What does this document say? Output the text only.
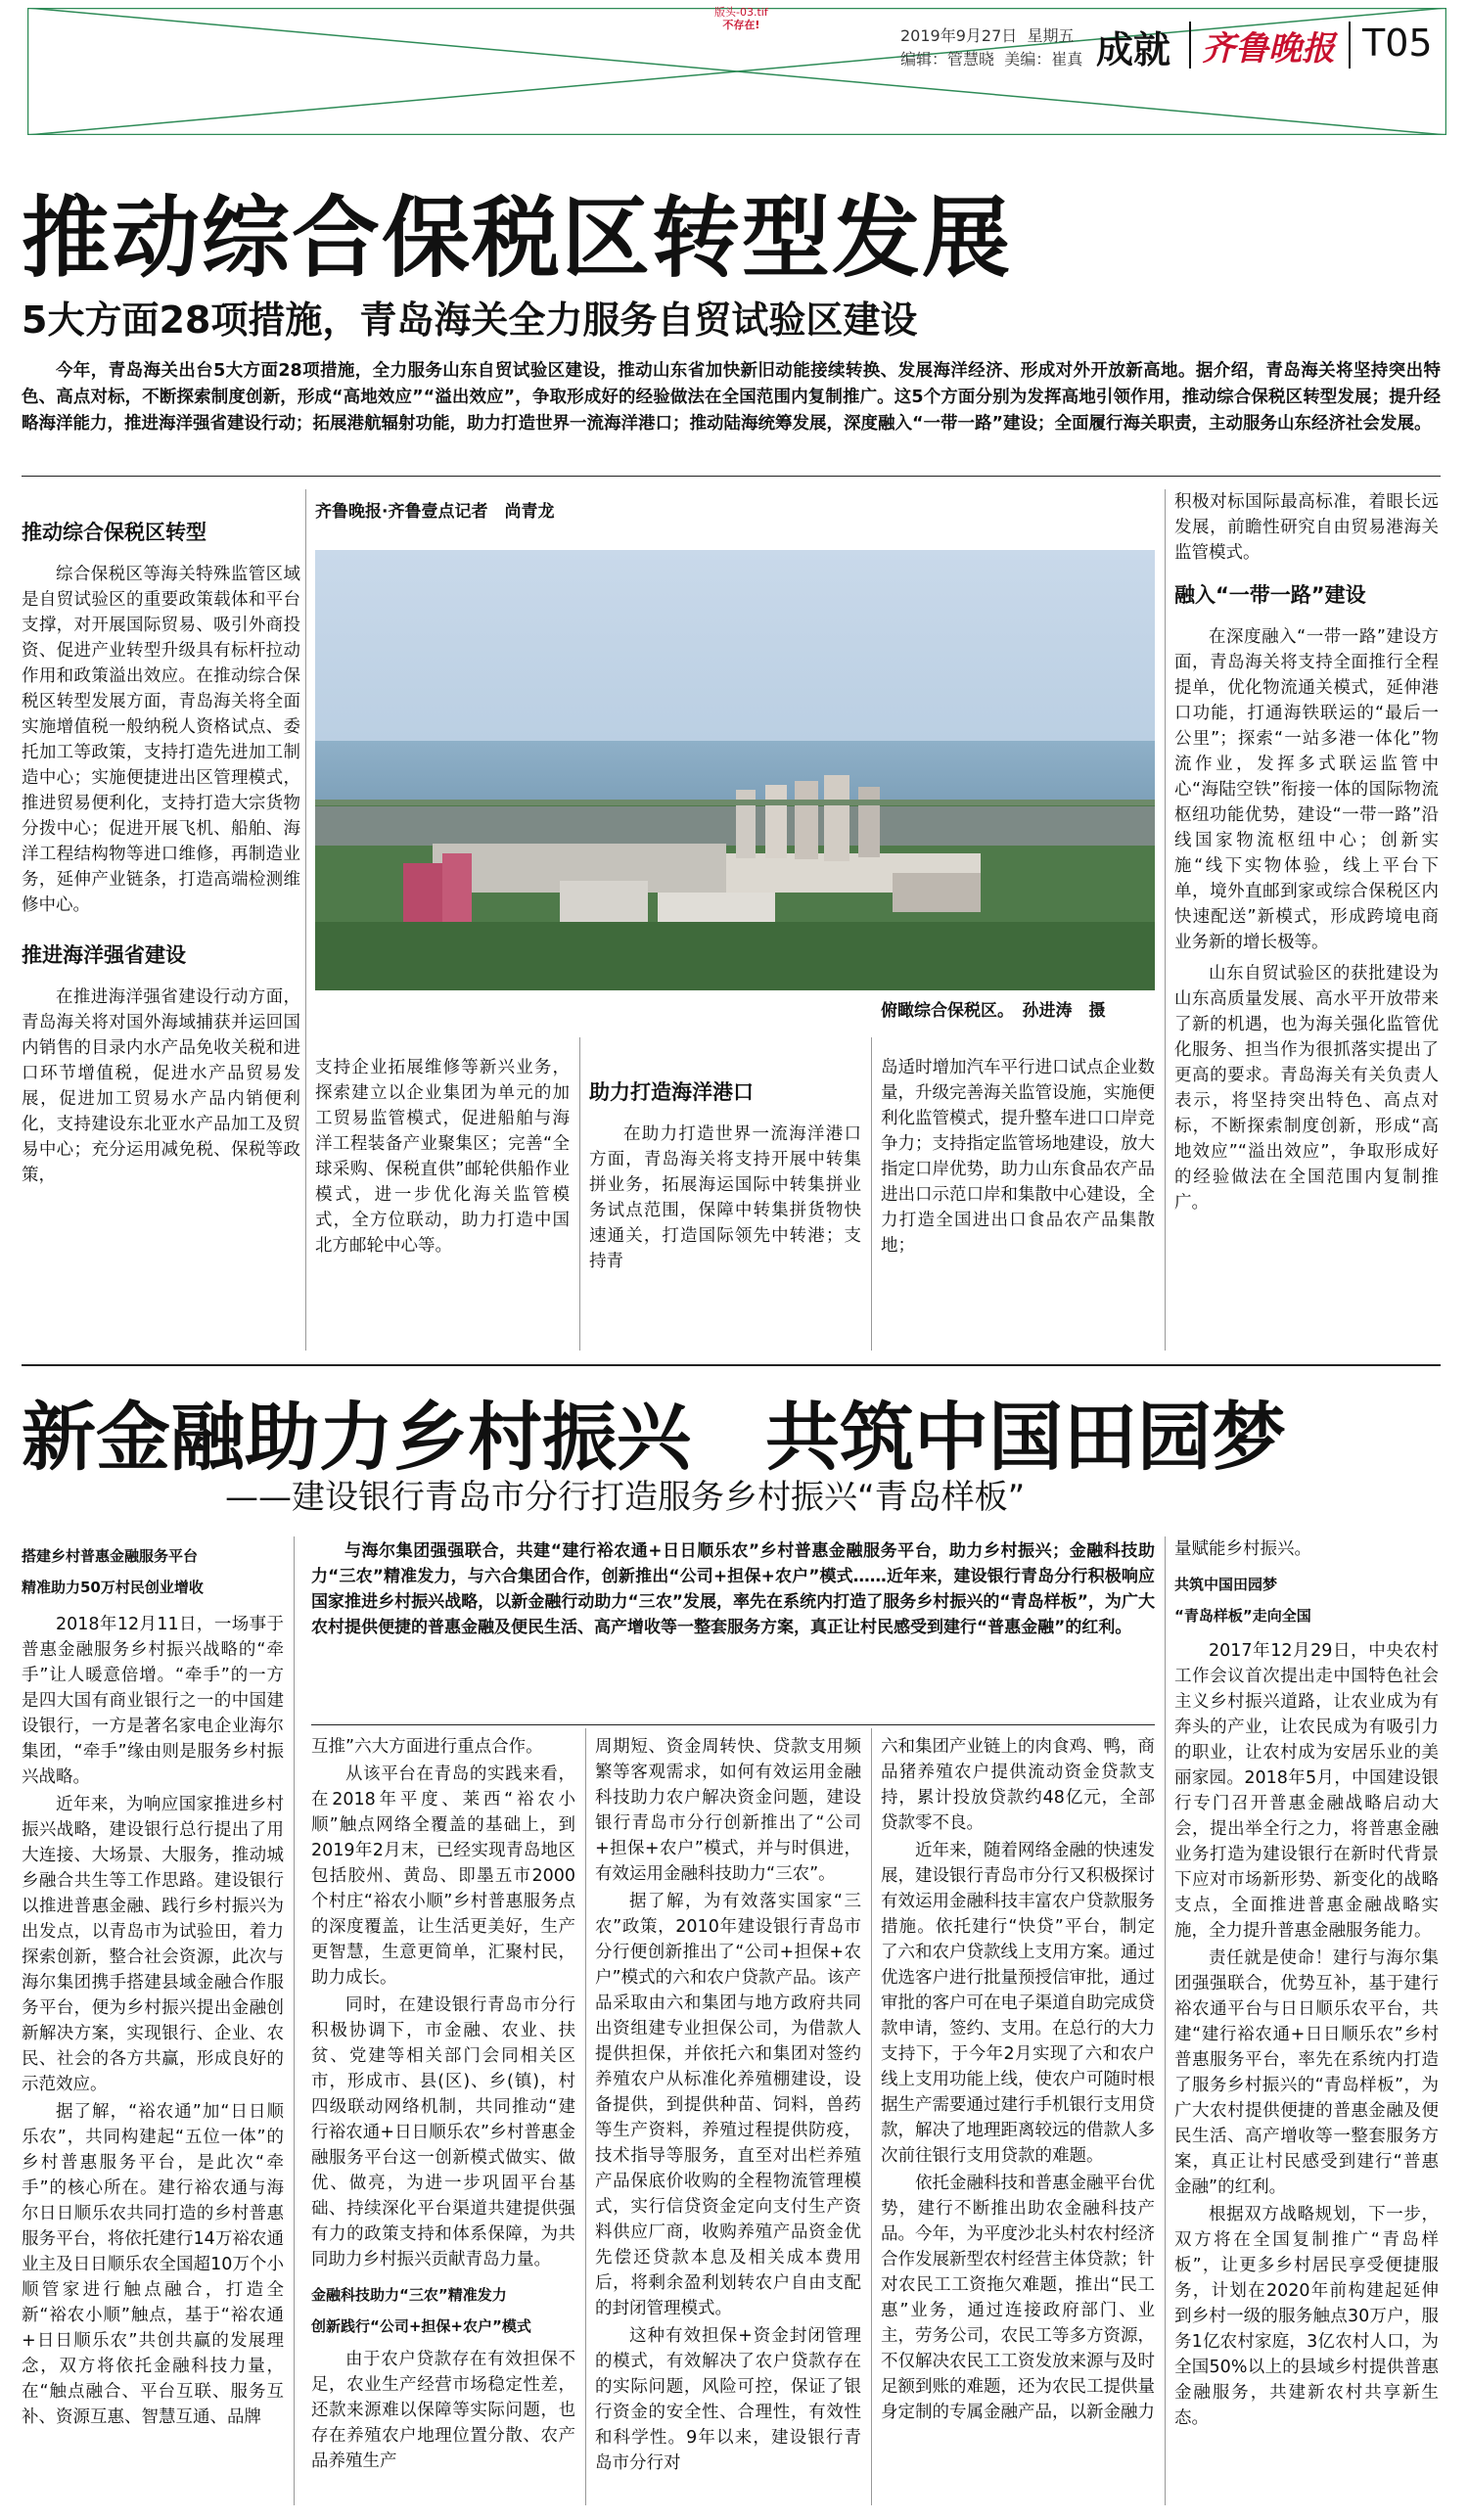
版头-03.tif
不存在!
2019年9月27日 星期五
编辑：管慧晓 美编：崔真 成就 齐鲁晚报 T05
推动综合保税区转型发展
5大方面28项措施，青岛海关全力服务自贸试验区建设
今年，青岛海关出台5大方面28项措施，全力服务山东自贸试验区建设，推动山东省加快新旧动能接续转换、发展海洋经济、形成对外开放新高地。据介绍，青岛海关将坚持突出特色、高点对标，不断探索制度创新，形成“高地效应”“溢出效应”，争取形成好的经验做法在全国范围内复制推广。这5个方面分别为发挥高地引领作用，推动综合保税区转型发展；提升经略海洋能力，推进海洋强省建设行动；拓展港航辐射功能，助力打造世界一流海洋港口；推动陆海统筹发展，深度融入“一带一路”建设；全面履行海关职责，主动服务山东经济社会发展。
推动综合保税区转型

综合保税区等海关特殊监管区域是自贸试验区的重要政策载体和平台支撑，对开展国际贸易、吸引外商投资、促进产业转型升级具有标杆拉动作用和政策溢出效应。在推动综合保税区转型发展方面，青岛海关将全面实施增值税一般纳税人资格试点、委托加工等政策，支持打造先进加工制造中心；实施便捷进出区管理模式，推进贸易便利化，支持打造大宗货物分拨中心；促进开展飞机、船舶、海洋工程结构物等进口维修，再制造业务，延伸产业链条，打造高端检测维修中心。

推进海洋强省建设

在推进海洋强省建设行动方面，青岛海关将对国外海域捕获并运回国内销售的目录内水产品免收关税和进口环节增值税，促进水产品贸易发展，促进加工贸易水产品内销便利化，支持建设东北亚水产品加工及贸易中心；充分运用减免税、保税等政策，

齐鲁晚报·齐鲁壹点记者　尚青龙
俯瞰综合保税区。　孙进涛　摄

支持企业拓展维修等新兴业务，探索建立以企业集团为单元的加工贸易监管模式，促进船舶与海洋工程装备产业聚集区；完善“全球采购、保税直供”邮轮供船作业模式，进一步优化海关监管模式，全方位联动，助力打造中国北方邮轮中心等。

助力打造海洋港口

在助力打造世界一流海洋港口方面，青岛海关将支持开展中转集拼业务，拓展海运国际中转集拼业务试点范围，保障中转集拼货物快速通关，打造国际领先中转港；支持青

岛适时增加汽车平行进口试点企业数量，升级完善海关监管设施，实施便利化监管模式，提升整车进口口岸竞争力；支持指定监管场地建设，放大指定口岸优势，助力山东食品农产品进出口示范口岸和集散中心建设，全力打造全国进出口食品农产品集散地；

积极对标国际最高标准，着眼长远发展，前瞻性研究自由贸易港海关监管模式。

融入“一带一路”建设

在深度融入“一带一路”建设方面，青岛海关将支持全面推行全程提单，优化物流通关模式，延伸港口功能，打通海铁联运的“最后一公里”；探索“一站多港一体化”物流作业，发挥多式联运监管中心“海陆空铁”衔接一体的国际物流枢纽功能优势，建设“一带一路”沿线国家物流枢纽中心；创新实施“线下实物体验，线上平台下单，境外直邮到家或综合保税区内快速配送”新模式，形成跨境电商业务新的增长极等。

山东自贸试验区的获批建设为山东高质量发展、高水平开放带来了新的机遇，也为海关强化监管优化服务、担当作为很抓落实提出了更高的要求。青岛海关有关负责人表示，将坚持突出特色、高点对标，不断探索制度创新，形成“高地效应”“溢出效应”，争取形成好的经验做法在全国范围内复制推广。

新金融助力乡村振兴　共筑中国田园梦
——建设银行青岛市分行打造服务乡村振兴“青岛样板”
搭建乡村普惠金融服务平台
精准助力50万村民创业增收

2018年12月11日，一场事于普惠金融服务乡村振兴战略的“牵手”让人暖意倍增。“牵手”的一方是四大国有商业银行之一的中国建设银行，一方是著名家电企业海尔集团，“牵手”缘由则是服务乡村振兴战略。

近年来，为响应国家推进乡村振兴战略，建设银行总行提出了用大连接、大场景、大服务，推动城乡融合共生等工作思路。建设银行以推进普惠金融、践行乡村振兴为出发点，以青岛市为试验田，着力探索创新，整合社会资源，此次与海尔集团携手搭建县域金融合作服务平台，便为乡村振兴提出金融创新解决方案，实现银行、企业、农民、社会的各方共赢，形成良好的示范效应。

据了解，“裕农通”加“日日顺乐农”，共同构建起“五位一体”的乡村普惠服务平台，是此次“牵手”的核心所在。建行裕农通与海尔日日顺乐农共同打造的乡村普惠服务平台，将依托建行14万裕农通业主及日日顺乐农全国超10万个小顺管家进行触点融合，打造全新“裕农小顺”触点，基于“裕农通+日日顺乐农”共创共赢的发展理念，双方将依托金融科技力量，在“触点融合、平台互联、服务互补、资源互惠、智慧互通、品牌

与海尔集团强强联合，共建“建行裕农通+日日顺乐农”乡村普惠金融服务平台，助力乡村振兴；金融科技助力“三农”精准发力，与六合集团合作，创新推出“公司+担保+农户”模式……近年来，建设银行青岛分行积极响应国家推进乡村振兴战略，以新金融行动助力“三农”发展，率先在系统内打造了服务乡村振兴的“青岛样板”，为广大农村提供便捷的普惠金融及便民生活、高产增收等一整套服务方案，真正让村民感受到建行“普惠金融”的红利。

互推”六大方面进行重点合作。

从该平台在青岛的实践来看，在2018年平度、莱西“裕农小顺”触点网络全覆盖的基础上，到2019年2月末，已经实现青岛地区包括胶州、黄岛、即墨五市2000个村庄“裕农小顺”乡村普惠服务点的深度覆盖，让生活更美好，生产更智慧，生意更简单，汇聚村民，助力成长。

同时，在建设银行青岛市分行积极协调下，市金融、农业、扶贫、党建等相关部门会同相关区市，形成市、县(区)、乡(镇)，村四级联动网络机制，共同推动“建行裕农通+日日顺乐农”乡村普惠金融服务平台这一创新模式做实、做优、做亮，为进一步巩固平台基础、持续深化平台渠道共建提供强有力的政策支持和体系保障，为共同助力乡村振兴贡献青岛力量。

金融科技助力“三农”精准发力
创新践行“公司+担保+农户”模式

由于农户贷款存在有效担保不足，农业生产经营市场稳定性差，还款来源难以保障等实际问题，也存在养殖农户地理位置分散、农产品养殖生产

周期短、资金周转快、贷款支用频繁等客观需求，如何有效运用金融科技助力农户解决资金问题，建设银行青岛市分行创新推出了“公司+担保+农户”模式，并与时俱进，有效运用金融科技助力“三农”。

据了解，为有效落实国家“三农”政策，2010年建设银行青岛市分行便创新推出了“公司+担保+农户”模式的六和农户贷款产品。该产品采取由六和集团与地方政府共同出资组建专业担保公司，为借款人提供担保，并依托六和集团对签约养殖农户从标准化养殖棚建设，设备提供，到提供种苗、饲料，兽药等生产资料，养殖过程提供防疫，技术指导等服务，直至对出栏养殖产品保底价收购的全程物流管理模式，实行信贷资金定向支付生产资料供应厂商，收购养殖产品资金优先偿还贷款本息及相关成本费用后，将剩余盈利划转农户自由支配的封闭管理模式。

这种有效担保+资金封闭管理的模式，有效解决了农户贷款存在的实际问题，风险可控，保证了银行资金的安全性、合理性，有效性和科学性。9年以来，建设银行青岛市分行对

六和集团产业链上的肉食鸡、鸭，商品猪养殖农户提供流动资金贷款支持，累计投放贷款约48亿元，全部贷款零不良。

近年来，随着网络金融的快速发展，建设银行青岛市分行又积极探讨有效运用金融科技丰富农户贷款服务措施。依托建行“快贷”平台，制定了六和农户贷款线上支用方案。通过优选客户进行批量预授信审批，通过审批的客户可在电子渠道自助完成贷款申请，签约、支用。在总行的大力支持下，于今年2月实现了六和农户线上支用功能上线，使农户可随时根据生产需要通过建行手机银行支用贷款，解决了地理距离较远的借款人多次前往银行支用贷款的难题。

依托金融科技和普惠金融平台优势，建行不断推出助农金融科技产品。今年，为平度沙北头村农村经济合作发展新型农村经营主体贷款；针对农民工工资拖欠难题，推出“民工惠”业务，通过连接政府部门、业主，劳务公司，农民工等多方资源，不仅解决农民工工资发放来源与及时足额到账的难题，还为农民工提供量身定制的专属金融产品，以新金融力

量赋能乡村振兴。

共筑中国田园梦
“青岛样板”走向全国

2017年12月29日，中央农村工作会议首次提出走中国特色社会主义乡村振兴道路，让农业成为有奔头的产业，让农民成为有吸引力的职业，让农村成为安居乐业的美丽家园。2018年5月，中国建设银行专门召开普惠金融战略启动大会，提出举全行之力，将普惠金融业务打造为建设银行在新时代背景下应对市场新形势、新变化的战略支点，全面推进普惠金融战略实施，全力提升普惠金融服务能力。

责任就是使命！建行与海尔集团强强联合，优势互补，基于建行裕农通平台与日日顺乐农平台，共建“建行裕农通+日日顺乐农”乡村普惠服务平台，率先在系统内打造了服务乡村振兴的“青岛样板”，为广大农村提供便捷的普惠金融及便民生活、高产增收等一整套服务方案，真正让村民感受到建行“普惠金融”的红利。

根据双方战略规划，下一步，双方将在全国复制推广“青岛样板”，让更多乡村居民享受便捷服务，计划在2020年前构建起延伸到乡村一级的服务触点30万户，服务1亿农村家庭，3亿农村人口，为全国50%以上的县域乡村提供普惠金融服务，共建新农村共享新生态。
